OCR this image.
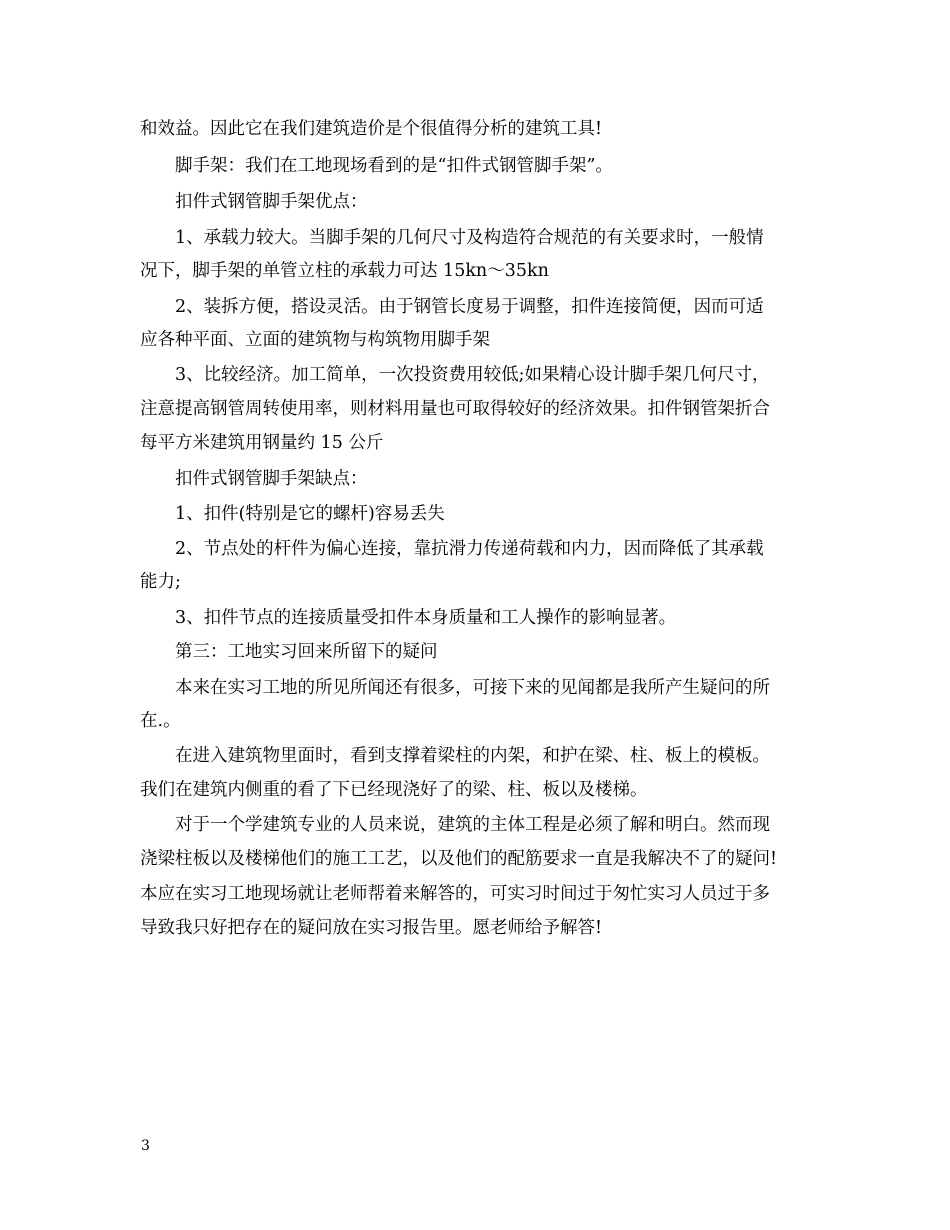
和效益。因此它在我们建筑造价是个很值得分析的建筑工具!
脚手架：我们在工地现场看到的是“扣件式钢管脚手架”。
扣件式钢管脚手架优点：
1、承载力较大。当脚手架的几何尺寸及构造符合规范的有关要求时，一般情
况下，脚手架的单管立柱的承载力可达 15kn～35kn
2、装拆方便，搭设灵活。由于钢管长度易于调整，扣件连接简便，因而可适
应各种平面、立面的建筑物与构筑物用脚手架
3、比较经济。加工简单，一次投资费用较低;如果精心设计脚手架几何尺寸，
注意提高钢管周转使用率，则材料用量也可取得较好的经济效果。扣件钢管架折合
每平方米建筑用钢量约 15 公斤
扣件式钢管脚手架缺点：
1、扣件(特别是它的螺杆)容易丢失
2、节点处的杆件为偏心连接，靠抗滑力传递荷载和内力，因而降低了其承载
能力;
3、扣件节点的连接质量受扣件本身质量和工人操作的影响显著。
第三：工地实习回来所留下的疑问
本来在实习工地的所见所闻还有很多，可接下来的见闻都是我所产生疑问的所
在.。
在进入建筑物里面时，看到支撑着梁柱的内架，和护在梁、柱、板上的模板。
我们在建筑内侧重的看了下已经现浇好了的梁、柱、板以及楼梯。
对于一个学建筑专业的人员来说，建筑的主体工程是必须了解和明白。然而现
浇梁柱板以及楼梯他们的施工工艺，以及他们的配筋要求一直是我解决不了的疑问!
本应在实习工地现场就让老师帮着来解答的，可实习时间过于匆忙实习人员过于多
导致我只好把存在的疑问放在实习报告里。愿老师给予解答!
3
